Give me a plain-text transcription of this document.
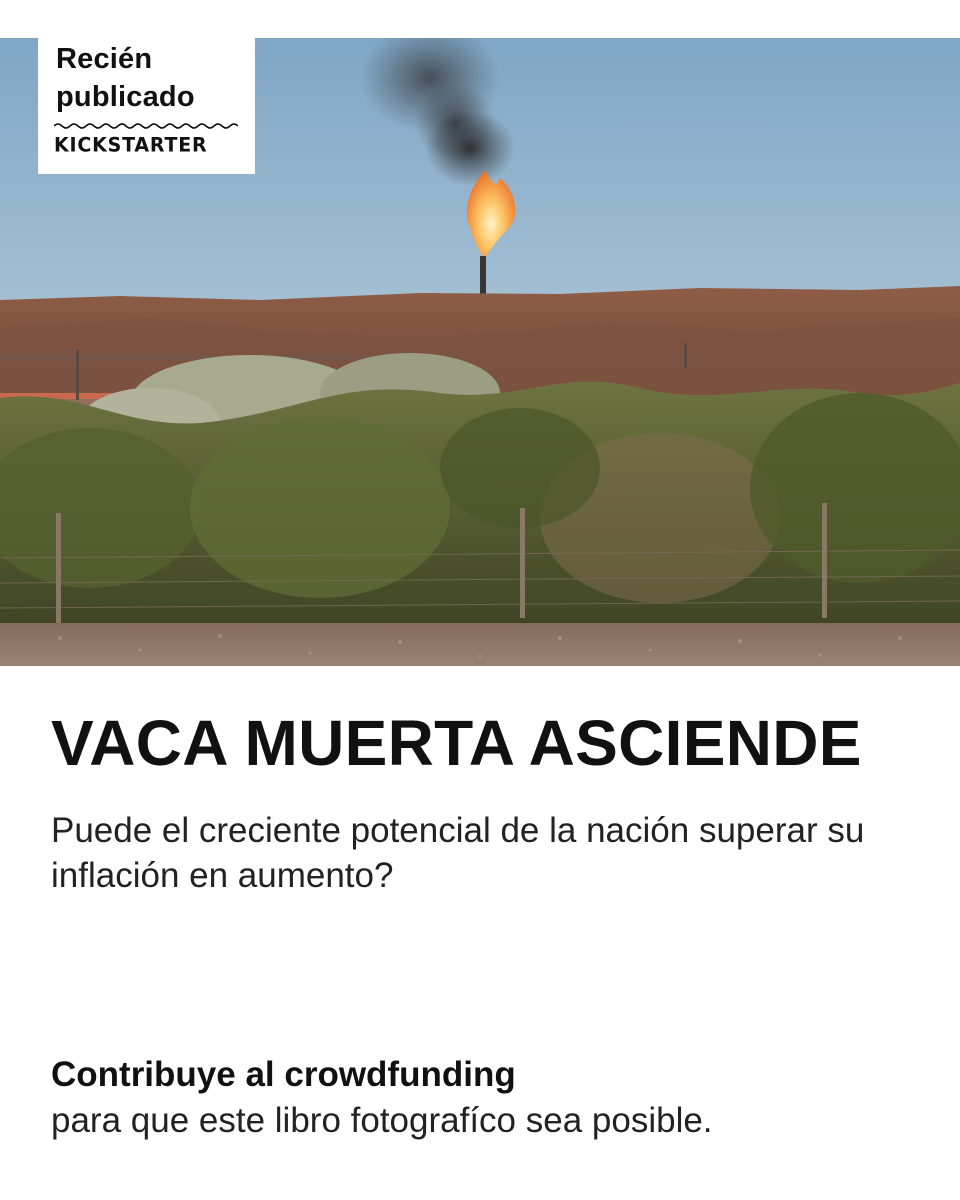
Recién
publicado
KICKSTARTER
VACA MUERTA ASCIENDE
Puede el creciente potencial de la nación superar su inflación en aumento?
Contribuye al crowdfunding
para que este libro fotografíco sea posible.
